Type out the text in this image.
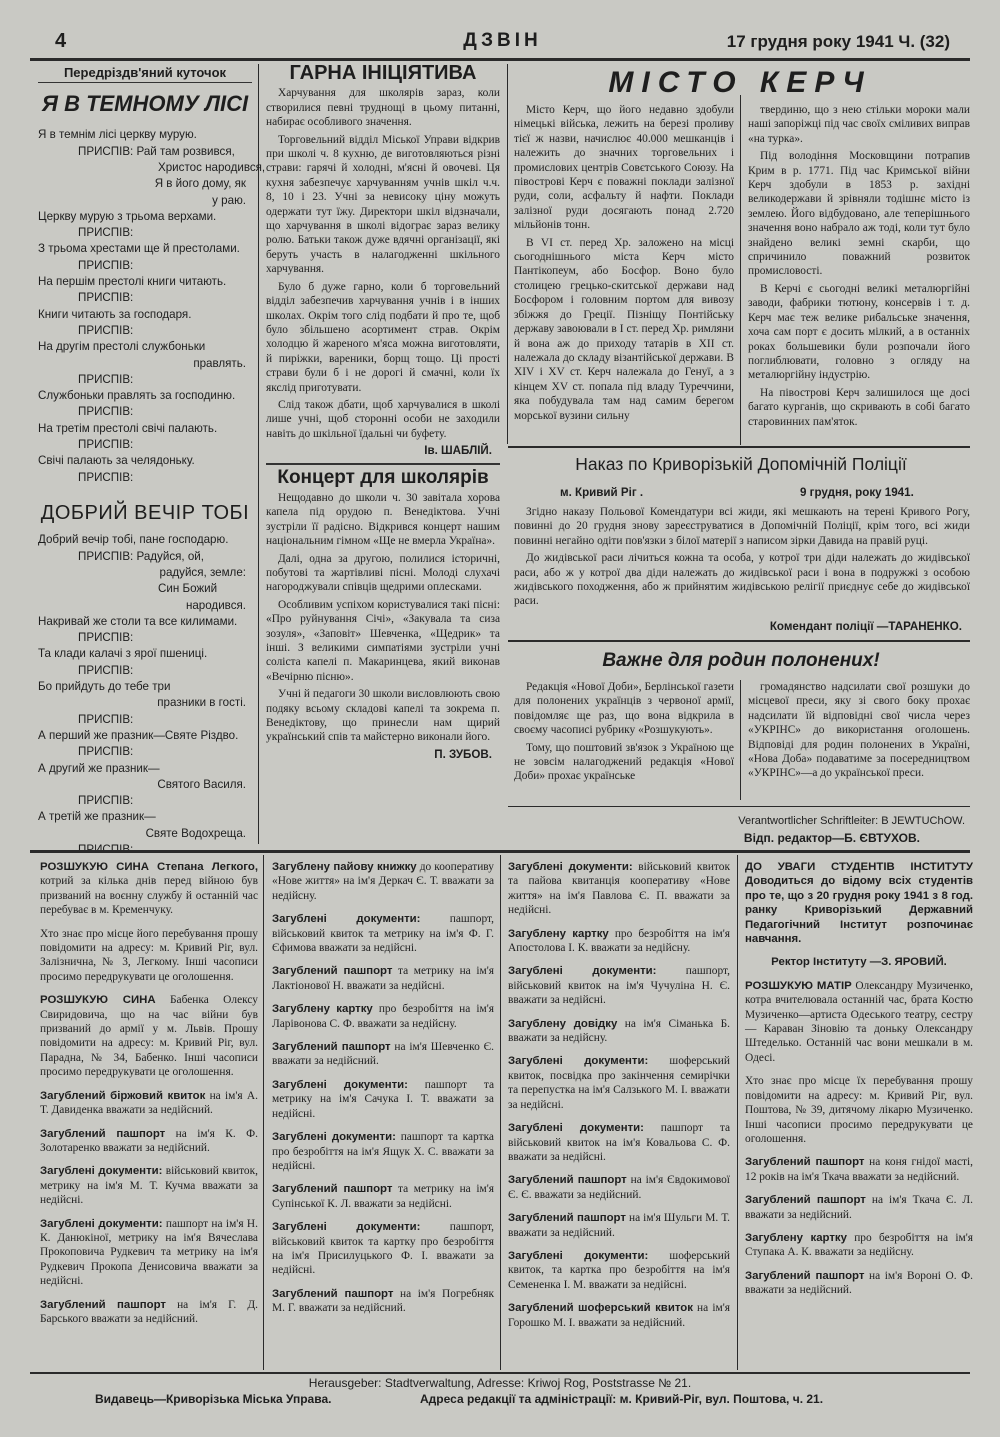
4	ДЗВІН	17 грудня року 1941 Ч. (32)
Передріздв'яний куточок
Я В ТЕМНОМУ ЛІСІ
Я в темнім лісі церкву мурую.
ПРИСПІВ: Рай там розвився,
Христос народився,
Я в його дому, як
у раю.
Церкву мурую з трьома верхами.
ПРИСПІВ:
З трьома хрестами ще й престолами.
ПРИСПІВ:
На першім престолі книги читають.
ПРИСПІВ:
Книги читають за господаря.
ПРИСПІВ:
На другім престолі службоньки
правлять.
ПРИСПІВ:
Службоньки правлять за господиню.
ПРИСПІВ:
На третім престолі свічі палають.
ПРИСПІВ:
Свічі палають за челядоньку.
ПРИСПІВ:
ДОБРИЙ ВЕЧІР ТОБІ
Добрий вечір тобі, пане господарю.
ПРИСПІВ: Радуйся, ой,
радуйся, земле:
Син Божий
народився.
Накривай же столи та все килимами.
ПРИСПІВ:
Та клади калачі з ярої пшениці.
ПРИСПІВ:
Бо прийдуть до тебе три
празники в гості.
ПРИСПІВ:
А перший же празник—Святе Різдво.
ПРИСПІВ:
А другий же празник—
Святого Василя.
ПРИСПІВ:
А третій же празник—
Святе Водохреща.
ГАРНА ІНІЦІЯТИВА

Харчування для школярів зараз, коли створилися певні труднощі в цьому питанні, набирає особливого значення.

Торговельний відділ Міської Управи відкрив при школі ч. 8 кухню, де виготовляються різні страви: гарячі й холодні, м'ясні й овочеві. Ця кухня забезпечує харчуванням учнів шкіл ч.ч. 8, 10 і 23. Учні за невисоку ціну можуть одержати тут їжу. Директори шкіл відзначали, що харчування в школі відограє зараз велику ролю. Батьки також дуже вдячні організації, які беруть участь в налагодженні шкільного харчування.

Було б дуже гарно, коли б торговельний відділ забезпечив харчування учнів і в інших школах. Окрім того слід подбати й про те, щоб було збільшено асортимент страв. Окрім холодцю й жареного м'яса можна виготовляти, й пиріжки, вареники, борщ тощо. Ці прості страви були б і не дорогі й смачні, коли їх якслід приготувати.

Слід також дбати, щоб харчувалися в школі лише учні, щоб сторонні особи не заходили навіть до шкільної їдальні чи буфету.

Ів. ШАБЛІЙ.
Концерт для школярів

Нещодавно до школи ч. 30 завітала хорова капела під орудою п. Венедіктова. Учні зустріли її радісно. Відкрився концерт нашим національним гімном «Ще не вмерла Україна».

Далі, одна за другою, полилися історичні, побутові та жартівливі пісні. Молоді слухачі нагороджували співців щедрими оплесками.

Особливим успіхом користувалися такі пісні: «Про руйнування Січі», «Закувала та сиза зозуля», «Заповіт» Шевченка, «Щедрик» та інші. З великими симпатіями зустріли учні соліста капелі п. Макаринцева, який виконав «Вечірню пісню».

Учні й педагоги 30 школи висловлюють свою подяку всьому складові капелі та зокрема п. Венедіктову, що принесли нам щирий український спів та майстерно виконали його.

П. ЗУБОВ.
МІСТО КЕРЧ

Місто Керч, що його недавно здобули німецькі війська, лежить на березі проливу тієї ж назви, начислює 40.000 мешканців і належить до значних торговельних і промислових центрів Совєтського Союзу. На півострові Керч є поважні поклади залізної руди, соли, асфальту й нафти. Поклади залізної руди досягають понад 2.720 мільйонів тонн.

В VI ст. перед Хр. заложено на місці сьогоднішнього міста Керч місто Пантікопеум, або Босфор. Воно було столицею грецько-скитської держави над Босфором і головним портом для вивозу збіжжя до Греції. Пізніщу Понтійську державу завоювали в I ст. перед Хр. римляни й вона аж до приходу татарів в XII ст. належала до складу візантійської держави. В XIV і XV ст. Керч належала до Генуї, а з кінцем XV ст. попала під владу Туреччини, яка побудувала там над самим берегом морської вузини сильну

твердиню, що з нею стільки мороки мали наші запоріжці під час своїх сміливих виправ «на турка».

Під володіння Московщини потрапив Крим в р. 1771. Під час Кримської війни Керч здобули в 1853 р. західні великодержави й зрівняли тодішнє місто із землею. Його відбудовано, але теперішнього значення воно набрало аж тоді, коли тут було знайдено великі земні скарби, що спричинило поважний розвиток промисловості.

В Керчі є сьогодні великі металюргійні заводи, фабрики тютюну, консервів і т. д. Керч має теж велике рибальське значення, хоча сам порт є досить мілкий, а в останніх роках большевики були розпочали його поглиблювати, головно з огляду на металюргійну індустрію.

На півострові Керч залишилося ще досі багато курганів, що скривають в собі багато старовинних пам'яток.

Наказ по Криворізькій Допомічній Поліції
м. Кривий Ріг .	9 грудня, року 1941.

Згідно наказу Польової Комендатури всі жиди, які мешкають на терені Кривого Рогу, повинні до 20 грудня знову зареєструватися в Допомічній Поліції, крім того, всі жиди повинні негайно одіти пов'язки з білої матерії з написом зірки Давида на правій руці.

До жидівської раси лічиться кожна та особа, у котрої три діди належать до жидівської раси, або ж у котрої два діди належать до жидівської раси і вона в подружжі з особою жидівського походження, або ж прийнятим жидівською релігії приєднує себе до жидівської раси.

Комендант поліції —ТАРАНЕНКО.
Важне для родин полонених!

Редакція «Нової Доби», Берлінської газети для полонених українців з червоної армії, повідомляє ще раз, що вона відкрила в своєму часописі рубрику «Розшукують».

Тому, що поштовий зв'язок з Україною ще не зовсім налагоджений редакція «Нової Доби» прохає українське

громадянство надсилати свої розшуки до місцевої преси, яку зі свого боку прохає надсилати їй відповідні свої числа через «УКРІНС» до використання оголошень. Відповіді для родин полонених в Україні, «Нова Доба» подаватиме за посередництвом «УКРІНС»—а до української преси.

Verantwortlicher Schriftleiter: B JEWTUChOW.
Відп. редактор—Б. ЄВТУХОВ.

РОЗШУКУЮ СИНА Степана Легкого, котрий за кілька днів перед війною був призваний на воєнну службу й останній час перебуває в м. Кременчуку.

Хто знає про місце його перебування прошу повідомити на адресу: м. Кривий Ріг, вул. Залізнична, № 3, Легкому. Інші часописи просимо передрукувати це оголошення.

РОЗШУКУЮ СИНА Бабенка Олексу Свиридовича, що на час війни був призваний до армії у м. Львів. Прошу повідомити на адресу: м. Кривий Ріг, вул. Парадна, № 34, Бабенко. Інші часописи просимо передрукувати це оголошення.

Загублений біржовий квиток на ім'я А. Т. Давиденка вважати за недійсний.

Загублений пашпорт на ім'я К. Ф. Золотаренко вважати за недійсний.

Загублені документи: військовий квиток, метрику на ім'я М. Т. Кучма вважати за недійсні.

Загублені документи: пашпорт на ім'я Н. К. Данюкіної, метрику на ім'я Вячеслава Прокоповича Рудкевич та метрику на ім'я Рудкевич Прокопа Денисовича вважати за недійсні.

Загублений пашпорт на ім'я Г. Д. Барського вважати за недійсний.

Загублену пайову книжку до кооперативу «Нове життя» на ім'я Деркач Є. Т. вважати за недійсну.

Загублені документи: пашпорт, військовий квиток та метрику на ім'я Ф. Г. Єфимова вважати за недійсні.

Загублений пашпорт та метрику на ім'я Лактіонової Н. вважати за недійсні.

Загублену картку про безробіття на ім'я Ларівонова С. Ф. вважати за недійсну.

Загублений пашпорт на ім'я Шевченко Є. вважати за недійсний.

Загублені документи: пашпорт та метрику на ім'я Сачука І. Т. вважати за недійсні.

Загублені документи: пашпорт та картка про безробіття на ім'я Ящук Х. С. вважати за недійсні.

Загублений пашпорт та метрику на ім'я Супінської К. Л. вважати за недійсні.

Загублені документи: пашпорт, військовий квиток та картку про безробіття на ім'я Присилуцького Ф. І. вважати за недійсні.

Загублений пашпорт на ім'я Погребняк М. Г. вважати за недійсний.

Загублені документи: військовий квиток та пайова квитанція кооперативу «Нове життя» на ім'я Павлова Є. П. вважати за недійсні.

Загублену картку про безробіття на ім'я Апостолова І. К. вважати за недійсну.

Загублені документи: пашпорт, військовий квиток на ім'я Чучуліна Н. Є. вважати за недійсні.

Загублену довідку на ім'я Сіманька Б. вважати за недійсну.

Загублені документи: шоферський квиток, посвідка про закінчення семирічки та перепустка на ім'я Салзького М. І. вважати за недійсні.

Загублені документи: пашпорт та військовий квиток на ім'я Ковальова С. Ф. вважати за недійсні.

Загублений пашпорт на ім'я Євдокимової Є. Є. вважати за недійсний.

Загублений пашпорт на ім'я Шульги М. Т. вважати за недійсний.

Загублені документи: шоферський квиток, та картка про безробіття на ім'я Семененка І. М. вважати за недійсні.

Загублений шоферський квиток на ім'я Горошко М. І. вважати за недійсний.

ДО УВАГИ СТУДЕНТІВ ІНСТИТУТУ Доводиться до відому всіх студентів про те, що з 20 грудня року 1941 з 8 год. ранку Криворізький Державний Педагогічний Інститут розпочинає навчання.

Ректор Інституту —З. ЯРОВИЙ.

РОЗШУКУЮ МАТІР Олександру Музиченко, котра вчителювала останній час, брата Костю Музиченко—артиста Одеського театру, сестру — Караван Зіновію та доньку Олександру Штеделько. Останній час вони мешкали в м. Одесі.

Хто знає про місце їх перебування прошу повідомити на адресу: м. Кривий Ріг, вул. Поштова, № 39, дитячому лікарю Музиченко. Інші часописи просимо передрукувати це оголошення.

Загублений пашпорт на коня гнідої масті, 12 років на ім'я Ткача вважати за недійсний.

Загублений пашпорт на ім'я Ткача Є. Л. вважати за недійсний.

Загублену картку про безробіття на ім'я Ступака А. К. вважати за недійсну.

Загублений пашпорт на ім'я Вороні О. Ф. вважати за недійсний.

Herausgeber: Stadtverwaltung, Adresse: Kriwoj Rog, Poststrasse № 21.
Видавець—Криворізька Міська Управа.	Адреса редакції та адміністрації: м. Кривий-Ріг, вул. Поштова, ч. 21.
